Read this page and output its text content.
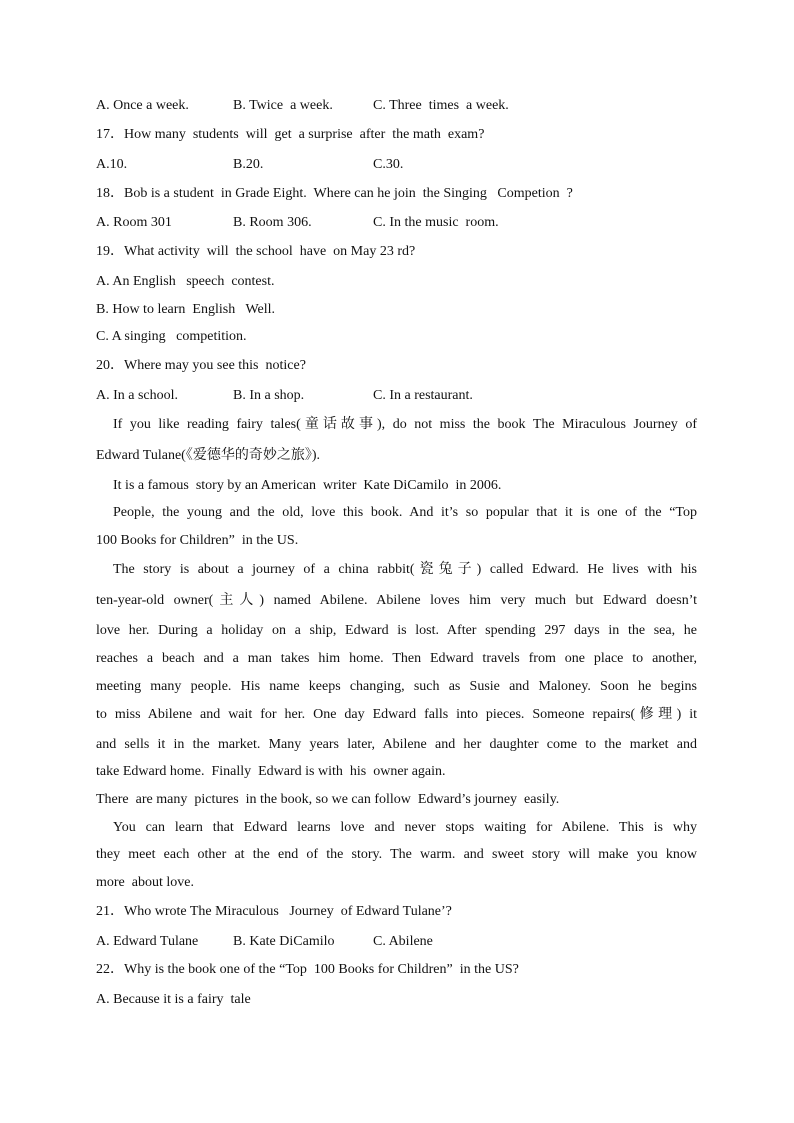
A. Once a week.	B. Twice  a week.	C. Three  times  a week.
17．How many  students  will  get  a surprise  after  the math  exam?
A.10.	B.20.	C.30.
18．Bob is a student  in Grade Eight.  Where can he join  the Singing   Competion  ?
A. Room 301	B. Room 306.	C. In the music  room.
19．What activity  will  the school  have  on May 23 rd?
A. An English   speech  contest.
B. How to learn  English   Well.
C. A singing   competition.
20．Where may you see this  notice?
A. In a school.	B. In a shop.	C. In a restaurant.
If you like reading fairy tales(童话故事), do not miss the book The Miraculous Journey of
Edward Tulane(《爱德华的奇妙之旅》).
It is a famous  story by an American  writer  Kate DiCamilo  in 2006.
People, the young and the old, love this book. And it’s so popular that it is one of the “Top
100 Books for Children”  in the US.
The story is about a journey of a china rabbit(瓷兔子) called Edward. He lives with his
ten-year-old owner(主人) named Abilene. Abilene loves him very much but Edward doesn’t
love her. During a holiday on a ship, Edward is lost. After spending 297 days in the sea, he
reaches a beach and a man takes him home. Then Edward travels from one place to another,
meeting many people. His name keeps changing, such as Susie and Maloney. Soon he begins
to miss Abilene and wait for her. One day Edward falls into pieces. Someone repairs(修理) it
and sells it in the market. Many years later, Abilene and her daughter come to the market and
take Edward home.  Finally  Edward is with  his  owner again.
There  are many  pictures  in the book, so we can follow  Edward’s journey  easily.
You can learn that Edward learns love and never stops waiting for Abilene. This is why
they meet each other at the end of the story. The warm. and sweet story will make you know
more  about love.
21．Who wrote The Miraculous   Journey  of Edward Tulane’?
A. Edward Tulane B. Kate DiCamilo	C. Abilene
22．Why is the book one of the “Top  100 Books for Children”  in the US?
A. Because it is a fairy  tale
